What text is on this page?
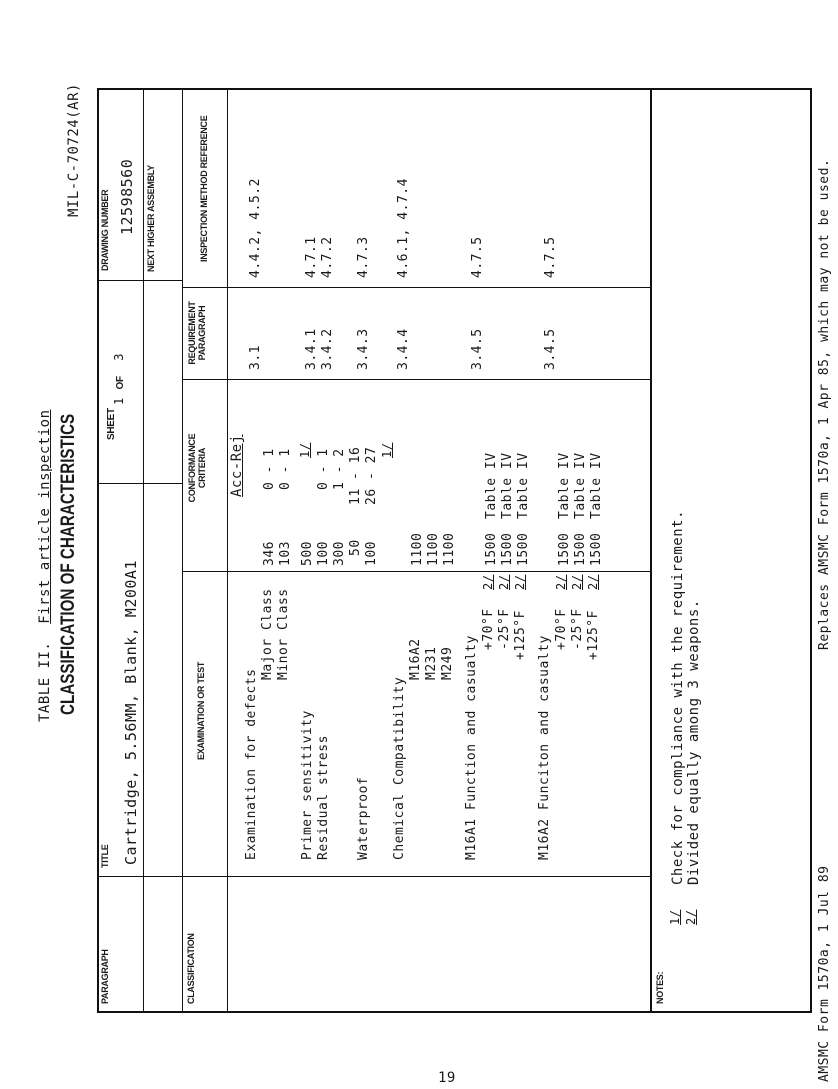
TABLE II.  First article inspection CLASSIFICATION OF CHARACTERISTICS
MIL-C-70724(AR)
PARAGRAPH
TITLE Cartridge, 5.56MM, Blank, M200A1
SHEET
1 OF  3
DRAWING NUMBER 12598560 NEXT HIGHER ASSEMBLY
CLASSIFICATION
EXAMINATION OR TEST
CONFORMANCE CRITERIA
REQUIREMENT PARAGRAPH
INSPECTION METHOD REFERENCE
Acc-Rej
Examination for defects
3.1
4.4.2, 4.5.2
Major Class
346
0 - 1
Minor Class
103
0 - 1
Primer sensitivity
500
1/
3.4.1
4.7.1
Residual stress
100
0 - 1
3.4.2
4.7.2
300
1 - 2
Waterproof
50
11 - 16
3.4.3
4.7.3
100
26 - 27
Chemical Compatibility
1/
3.4.4
4.6.1, 4.7.4
M16A2
1100
M231
1100
M249
1100
M16A1 Function and casualty
3.4.5
4.7.5
+70°F
2/
1500
Table IV
-25°F
2/
1500
Table IV
+125°F
2/
1500
Table IV
M16A2 Funciton and casualty
3.4.5
4.7.5
+70°F
2/
1500
Table IV
-25°F
2/
1500
Table IV
+125°F
2/
1500
Table IV
NOTES:
1/
Check for compliance with the requirement.
2/
Divided equally among 3 weapons.
AMSMC Form 1570a, 1 Jul 89
Replaces AMSMC Form 1570a, 1 Apr 85, which may not be used.
19
